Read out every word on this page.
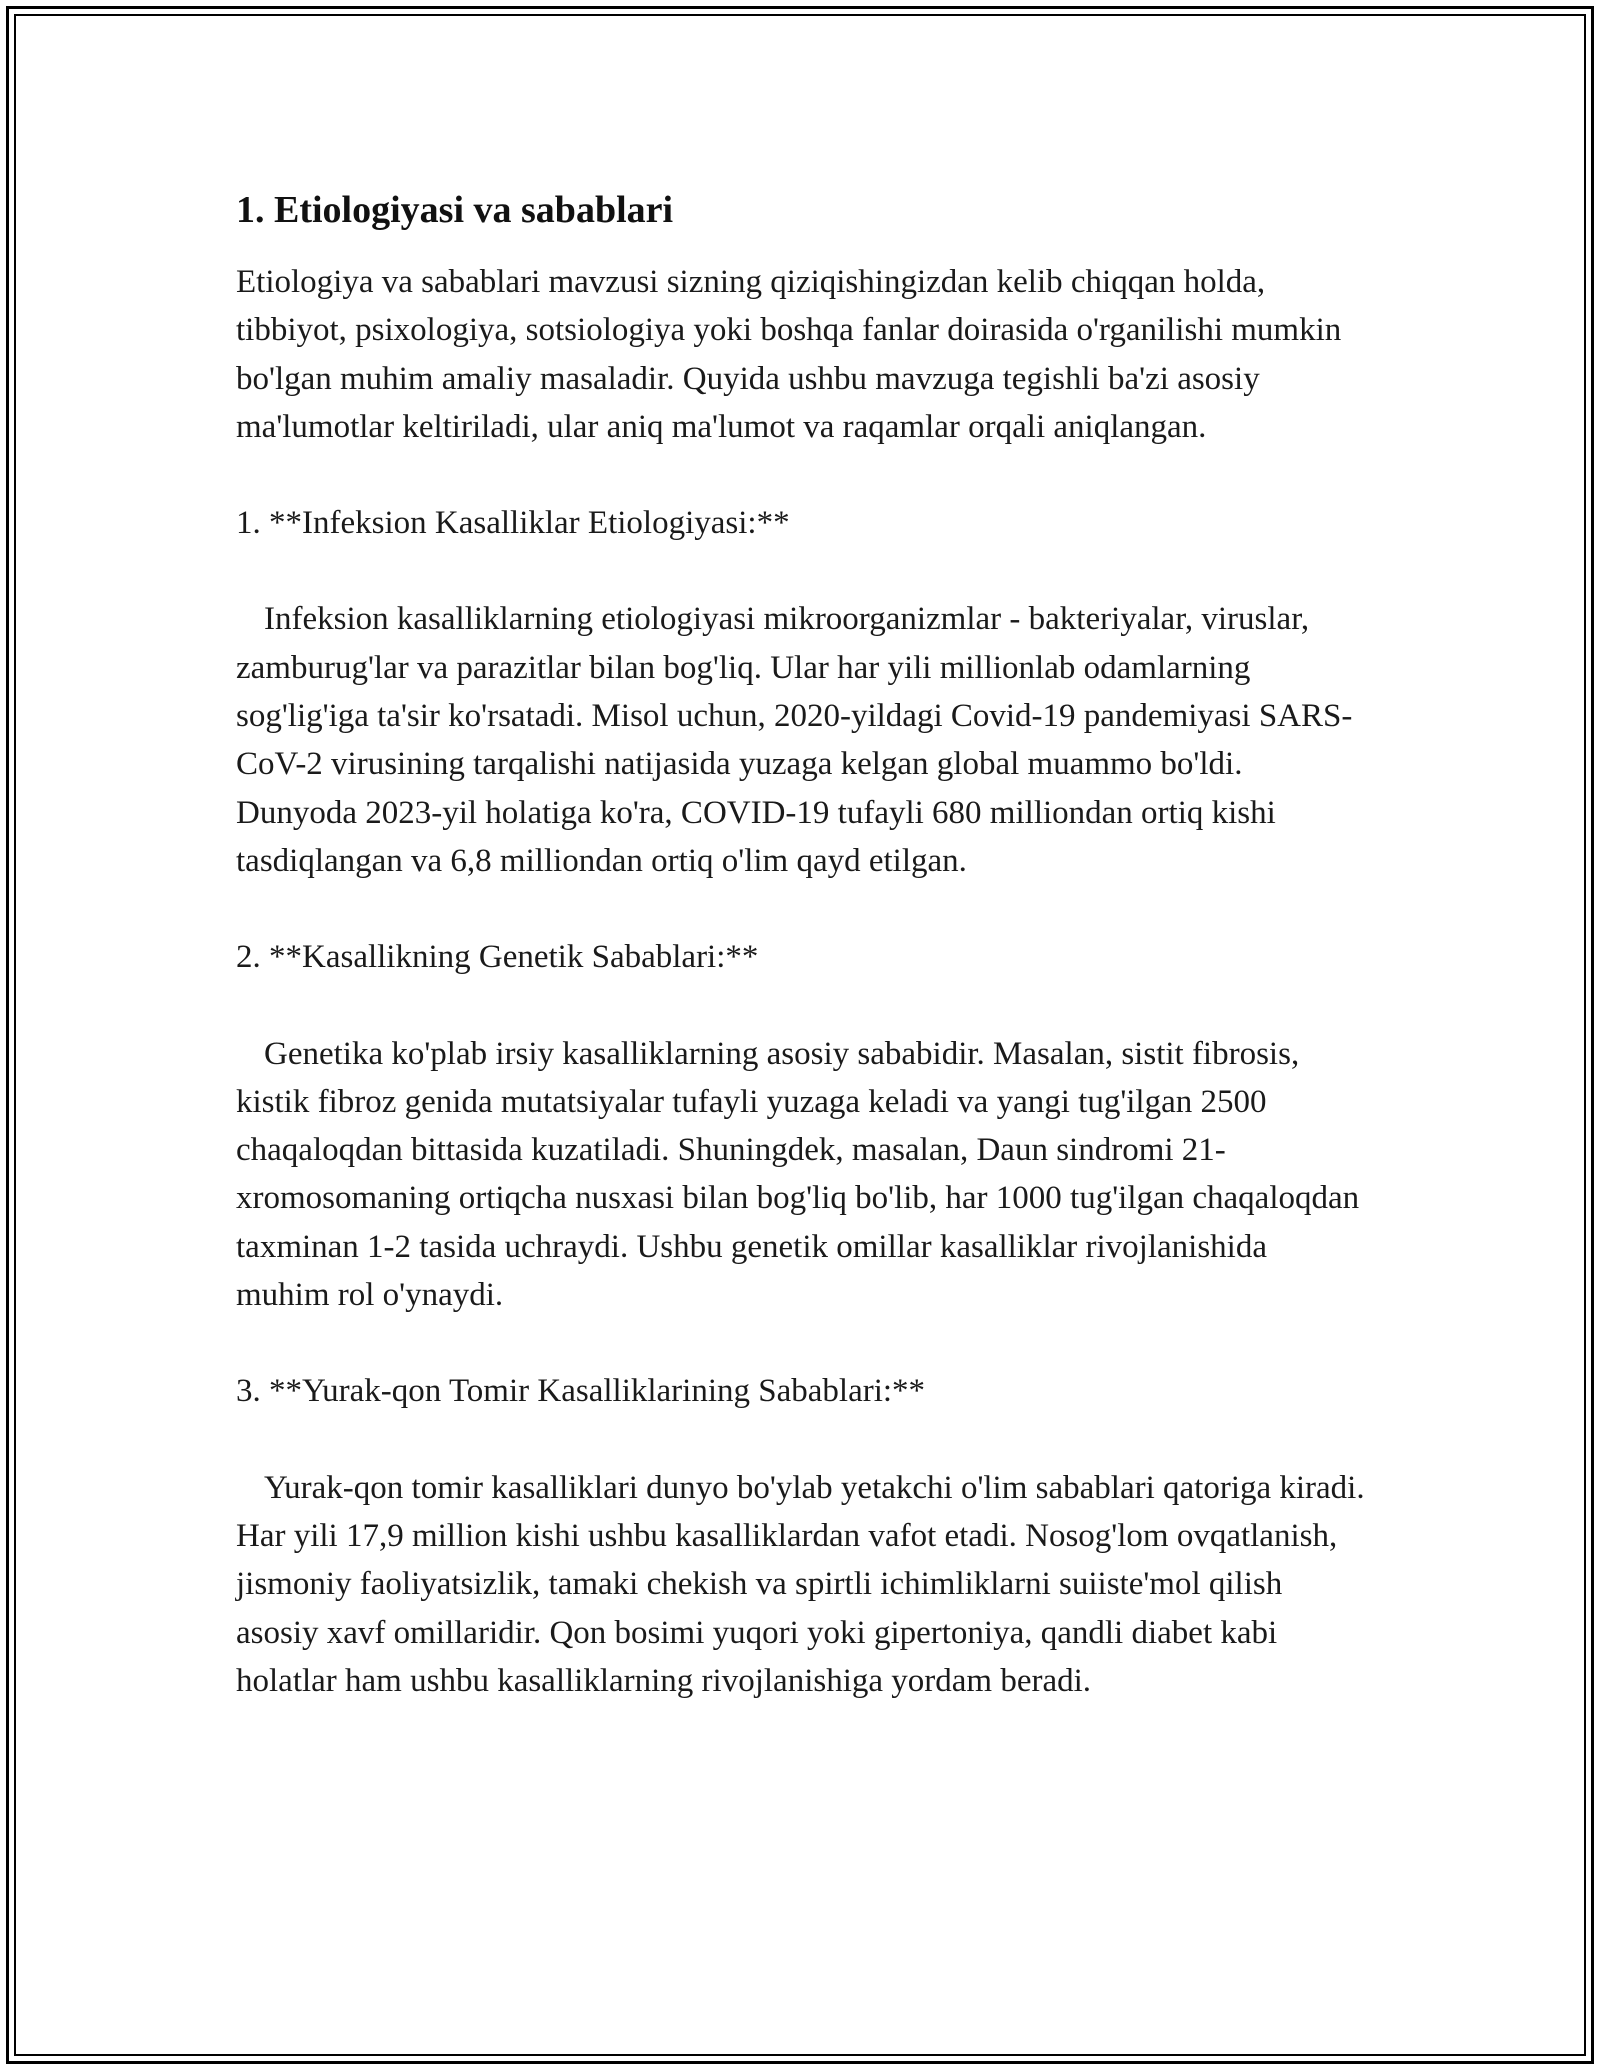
1. Etiologiyasi va sabablari

Etiologiya va sabablari mavzusi sizning qiziqishingizdan kelib chiqqan holda, tibbiyot, psixologiya, sotsiologiya yoki boshqa fanlar doirasida o'rganilishi mumkin bo'lgan muhim amaliy masaladir. Quyida ushbu mavzuga tegishli ba'zi asosiy ma'lumotlar keltiriladi, ular aniq ma'lumot va raqamlar orqali aniqlangan.

1. **Infeksion Kasalliklar Etiologiyasi:**

Infeksion kasalliklarning etiologiyasi mikroorganizmlar - bakteriyalar, viruslar, zamburug'lar va parazitlar bilan bog'liq. Ular har yili millionlab odamlarning sog'lig'iga ta'sir ko'rsatadi. Misol uchun, 2020-yildagi Covid-19 pandemiyasi SARS-CoV-2 virusining tarqalishi natijasida yuzaga kelgan global muammo bo'ldi. Dunyoda 2023-yil holatiga ko'ra, COVID-19 tufayli 680 milliondan ortiq kishi tasdiqlangan va 6,8 milliondan ortiq o'lim qayd etilgan.

2. **Kasallikning Genetik Sabablari:**

Genetika ko'plab irsiy kasalliklarning asosiy sababidir. Masalan, sistit fibrosis, kistik fibroz genida mutatsiyalar tufayli yuzaga keladi va yangi tug'ilgan 2500 chaqaloqdan bittasida kuzatiladi. Shuningdek, masalan, Daun sindromi 21-xromosomaning ortiqcha nusxasi bilan bog'liq bo'lib, har 1000 tug'ilgan chaqaloqdan taxminan 1-2 tasida uchraydi. Ushbu genetik omillar kasalliklar rivojlanishida muhim rol o'ynaydi.

3. **Yurak-qon Tomir Kasalliklarining Sabablari:**

Yurak-qon tomir kasalliklari dunyo bo'ylab yetakchi o'lim sabablari qatoriga kiradi. Har yili 17,9 million kishi ushbu kasalliklardan vafot etadi. Nosog'lom ovqatlanish, jismoniy faoliyatsizlik, tamaki chekish va spirtli ichimliklarni suiiste'mol qilish asosiy xavf omillaridir. Qon bosimi yuqori yoki gipertoniya, qandli diabet kabi holatlar ham ushbu kasalliklarning rivojlanishiga yordam beradi.
